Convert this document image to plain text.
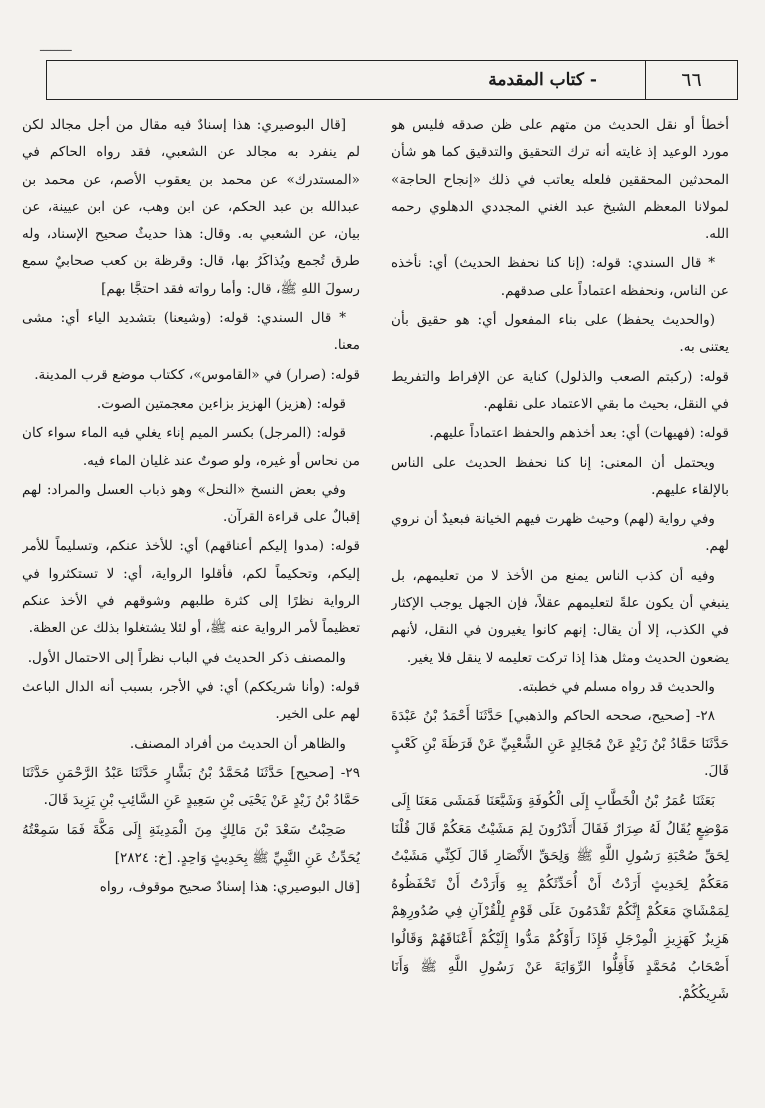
ـــــــــ
٦٦
- كتاب المقدمة

أخطأ أو نقل الحديث من متهم على ظن صدقه فليس هو مورد الوعيد إذ غايته أنه ترك التحقيق والتدقيق كما هو شأن المحدثين المحققين فلعله يعاتب في ذلك «إنجاح الحاجة» لمولانا المعظم الشيخ عبد الغني المجددي الدهلوي رحمه الله.

* قال السندي: قوله: (إنا كنا نحفظ الحديث) أي: نأخذه عن الناس، ونحفظه اعتماداً على صدقهم.

(والحديث يحفظ) على بناء المفعول أي: هو حقيق بأن يعتنى به.

قوله: (ركبتم الصعب والذلول) كناية عن الإفراط والتفريط في النقل، بحيث ما بقي الاعتماد على نقلهم.

قوله: (فهيهات) أي: بعد أخذهم والحفظ اعتماداً عليهم.

ويحتمل أن المعنى: إنا كنا نحفظ الحديث على الناس بالإلقاء عليهم.

وفي رواية (لهم) وحيث ظهرت فيهم الخيانة فبعيدٌ أن نروي لهم.

وفيه أن كذب الناس يمنع من الأخذ لا من تعليمهم، بل ينبغي أن يكون علةً لتعليمهم عقلاً، فإن الجهل يوجب الإكثار في الكذب، إلا أن يقال: إنهم كانوا يغيرون في النقل، لأنهم يضعون الحديث ومثل هذا إذا تركت تعليمه لا ينقل فلا يغير.

والحديث قد رواه مسلم في خطبته.

٢٨- [صحيح، صححه الحاكم والذهبي] حَدَّثَنَا أَحْمَدُ بْنُ عَبْدَةَ حَدَّثَنَا حَمَّادُ بْنُ زَيْدٍ عَنْ مُجَالِدٍ عَنِ الشَّعْبِيِّ عَنْ قَرَظَةَ بْنِ كَعْبٍ قَالَ.

بَعَثَنَا عُمَرُ بْنُ الْخَطَّابِ إِلَى الْكُوفَةِ وَشَيَّعَنَا فَمَشَى مَعَنَا إِلَى مَوْضِعٍ يُقَالُ لَهُ صِرَارٌ فَقَالَ أَتَدْرُونَ لِمَ مَشَيْتُ مَعَكُمْ قَالَ قُلْنَا لِحَقِّ صُحْبَةِ رَسُولِ اللَّهِ ﷺ وَلِحَقِّ الأَنْصَارِ قَالَ لَكِنِّي مَشَيْتُ مَعَكُمْ لِحَدِيثٍ أَرَدْتُ أَنْ أُحَدِّثَكُمْ بِهِ وَأَرَدْتُ أَنْ تَحْفَظُوهُ لِمَمْشَايَ مَعَكُمْ إِنَّكُمْ تَقْدَمُونَ عَلَى قَوْمٍ لِلْقُرْآنِ فِي صُدُورِهِمْ هَزِيزٌ كَهَزِيزِ الْمِرْجَلِ فَإِذَا رَأَوْكُمْ مَدُّوا إِلَيْكُمْ أَعْنَاقَهُمْ وَقَالُوا أَصْحَابُ مُحَمَّدٍ فَأَقِلُّوا الرِّوَايَةَ عَنْ رَسُولِ اللَّهِ ﷺ وَأَنَا شَرِيكُكُمْ.

[قال البوصيري: هذا إسنادٌ فيه مقال من أجل مجالد لكن لم ينفرد به مجالد عن الشعبي، فقد رواه الحاكم في «المستدرك» عن محمد بن يعقوب الأصم، عن محمد بن عبدالله بن عبد الحكم، عن ابن وهب، عن ابن عيينة، عن بيان، عن الشعبي به. وقال: هذا حديثٌ صحيح الإسناد، وله طرق تُجمع ويُذاكَرُ بها، قال: وقرظة بن كعب صحابيٌ سمع رسولَ اللهِ ﷺ، قال: وأما رواته فقد احتجَّا بهم]

* قال السندي: قوله: (وشيعنا) بتشديد الياء أي: مشى معنا.

قوله: (صرار) في «القاموس»، ككتاب موضع قرب المدينة.

قوله: (هزيز) الهزيز بزاءين معجمتين الصوت.

قوله: (المرجل) بكسر الميم إناء يغلي فيه الماء سواء كان من نحاس أو غيره، ولو صوتٌ عند غليان الماء فيه.

وفي بعض النسخ «النحل» وهو ذباب العسل والمراد: لهم إقبالٌ على قراءة القرآن.

قوله: (مدوا إليكم أعناقهم) أي: للأخذ عنكم، وتسليماً للأمر إليكم، وتحكيماً لكم، فأقلوا الرواية، أي: لا تستكثروا في الرواية نظرًا إلى كثرة طلبهم وشوقهم في الأخذ عنكم تعظيماً لأمر الرواية عنه ﷺ، أو لئلا يشتغلوا بذلك عن العظة.

والمصنف ذكر الحديث في الباب نظراً إلى الاحتمال الأول.

قوله: (وأنا شريككم) أي: في الأجر، بسبب أنه الدال الباعث لهم على الخير.

والظاهر أن الحديث من أفراد المصنف.

٢٩- [صحيح] حَدَّثَنَا مُحَمَّدُ بْنُ بَشَّارٍ حَدَّثَنَا عَبْدُ الرَّحْمَنِ حَدَّثَنَا حَمَّادُ بْنُ زَيْدٍ عَنْ يَحْيَى بْنِ سَعِيدٍ عَنِ السَّائِبِ بْنِ يَزِيدَ قَالَ.

صَحِبْتُ سَعْدَ بْنَ مَالِكٍ مِنَ الْمَدِينَةِ إِلَى مَكَّةَ فَمَا سَمِعْتُهُ يُحَدِّثُ عَنِ النَّبِيِّ ﷺ بِحَدِيثٍ وَاحِدٍ. [خ: ٢٨٢٤]

[قال البوصيري: هذا إسنادٌ صحيح موقوف، رواه
